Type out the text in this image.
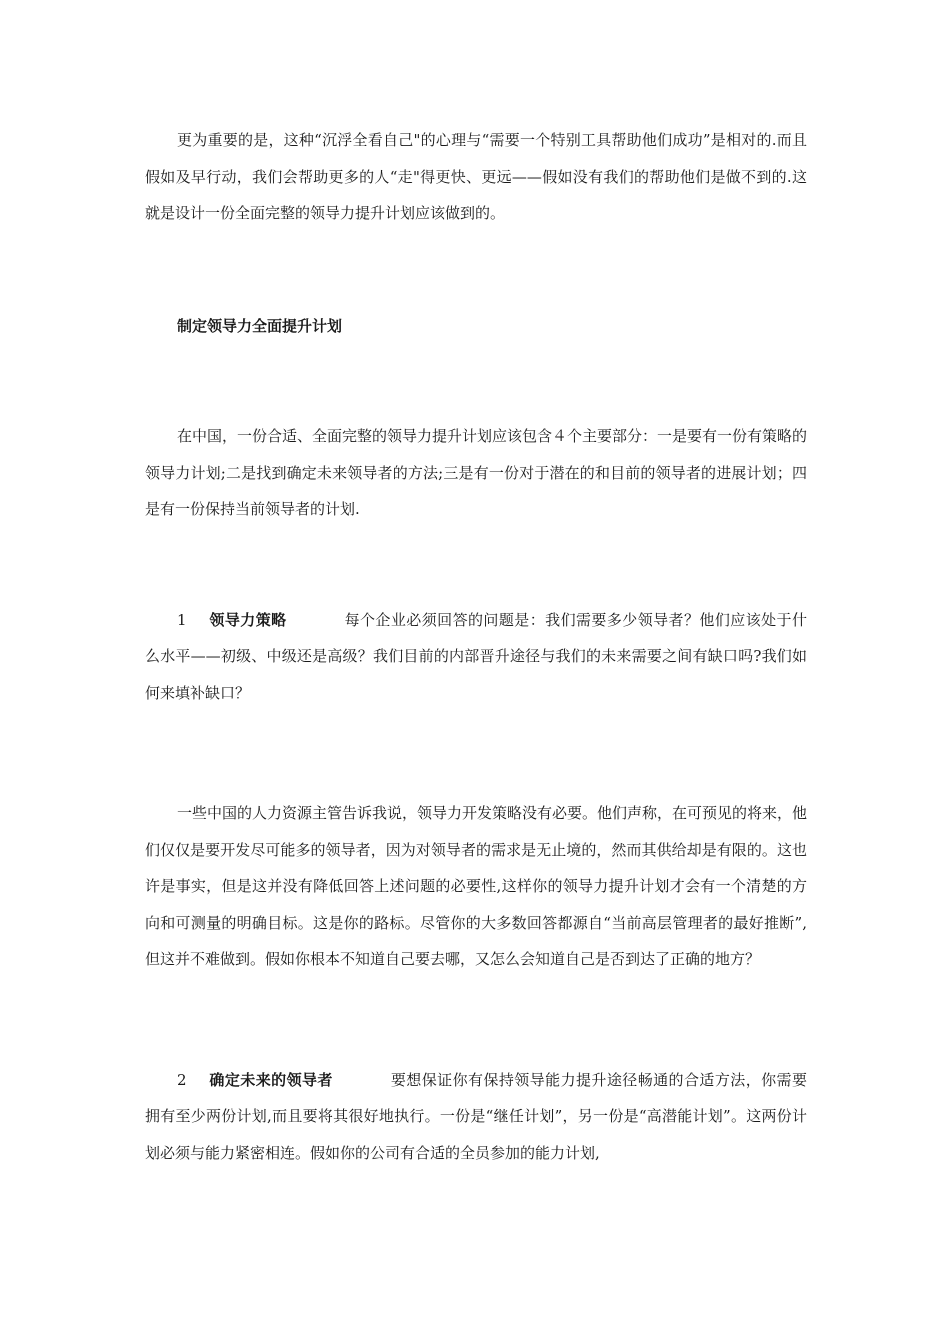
更为重要的是，这种“沉浮全看自己"的心理与“需要一个特别工具帮助他们成功”是相对的.而且假如及早行动，我们会帮助更多的人“走"得更快、更远——假如没有我们的帮助他们是做不到的.这就是设计一份全面完整的领导力提升计划应该做到的。

制定领导力全面提升计划

在中国，一份合适、全面完整的领导力提升计划应该包含４个主要部分：一是要有一份有策略的领导力计划;二是找到确定未来领导者的方法;三是有一份对于潜在的和目前的领导者的进展计划；四是有一份保持当前领导者的计划.

1 领导力策略	每个企业必须回答的问题是：我们需要多少领导者？他们应该处于什么水平——初级、中级还是高级？我们目前的内部晋升途径与我们的未来需要之间有缺口吗?我们如何来填补缺口？

一些中国的人力资源主管告诉我说，领导力开发策略没有必要。他们声称，在可预见的将来，他们仅仅是要开发尽可能多的领导者，因为对领导者的需求是无止境的，然而其供给却是有限的。这也许是事实，但是这并没有降低回答上述问题的必要性,这样你的领导力提升计划才会有一个清楚的方向和可测量的明确目标。这是你的路标。尽管你的大多数回答都源自“当前高层管理者的最好推断”,但这并不难做到。假如你根本不知道自己要去哪，又怎么会知道自己是否到达了正确的地方？

2 确定未来的领导者	要想保证你有保持领导能力提升途径畅通的合适方法，你需要拥有至少两份计划,而且要将其很好地执行。一份是“继任计划”，另一份是“高潜能计划”。这两份计划必须与能力紧密相连。假如你的公司有合适的全员参加的能力计划,
